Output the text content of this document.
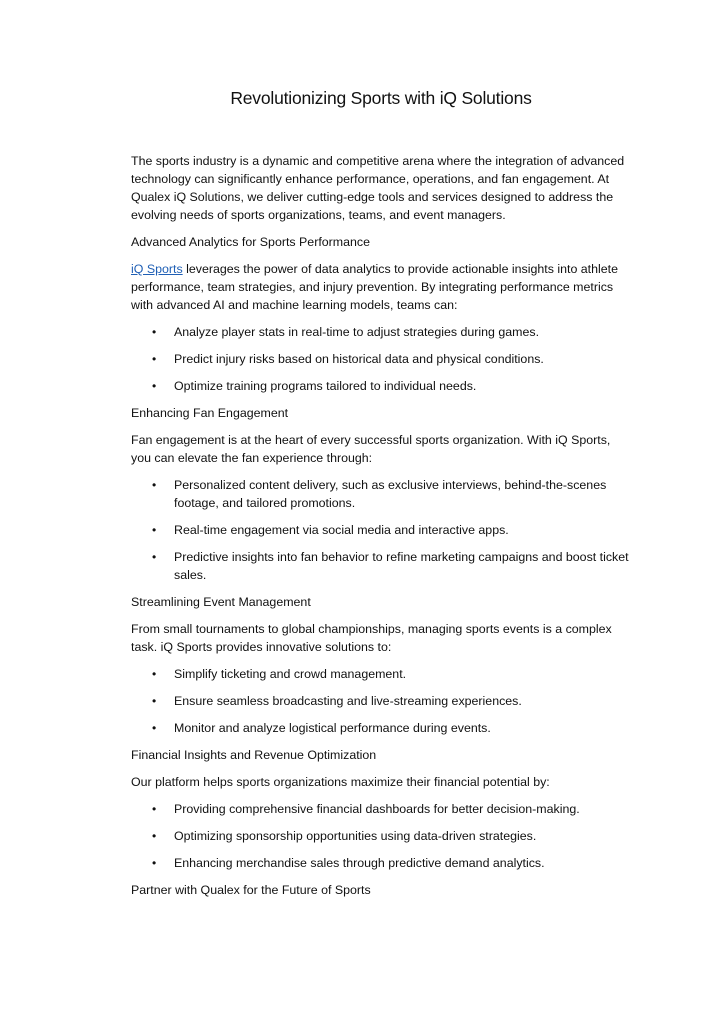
Revolutionizing Sports with iQ Solutions

The sports industry is a dynamic and competitive arena where the integration of advanced technology can significantly enhance performance, operations, and fan engagement. At Qualex iQ Solutions, we deliver cutting-edge tools and services designed to address the evolving needs of sports organizations, teams, and event managers.

Advanced Analytics for Sports Performance

iQ Sports leverages the power of data analytics to provide actionable insights into athlete performance, team strategies, and injury prevention. By integrating performance metrics with advanced AI and machine learning models, teams can:

• Analyze player stats in real-time to adjust strategies during games.
• Predict injury risks based on historical data and physical conditions.
• Optimize training programs tailored to individual needs.

Enhancing Fan Engagement

Fan engagement is at the heart of every successful sports organization. With iQ Sports, you can elevate the fan experience through:

• Personalized content delivery, such as exclusive interviews, behind-the-scenes footage, and tailored promotions.
• Real-time engagement via social media and interactive apps.
• Predictive insights into fan behavior to refine marketing campaigns and boost ticket sales.

Streamlining Event Management

From small tournaments to global championships, managing sports events is a complex task. iQ Sports provides innovative solutions to:

• Simplify ticketing and crowd management.
• Ensure seamless broadcasting and live-streaming experiences.
• Monitor and analyze logistical performance during events.

Financial Insights and Revenue Optimization

Our platform helps sports organizations maximize their financial potential by:

• Providing comprehensive financial dashboards for better decision-making.
• Optimizing sponsorship opportunities using data-driven strategies.
• Enhancing merchandise sales through predictive demand analytics.

Partner with Qualex for the Future of Sports
